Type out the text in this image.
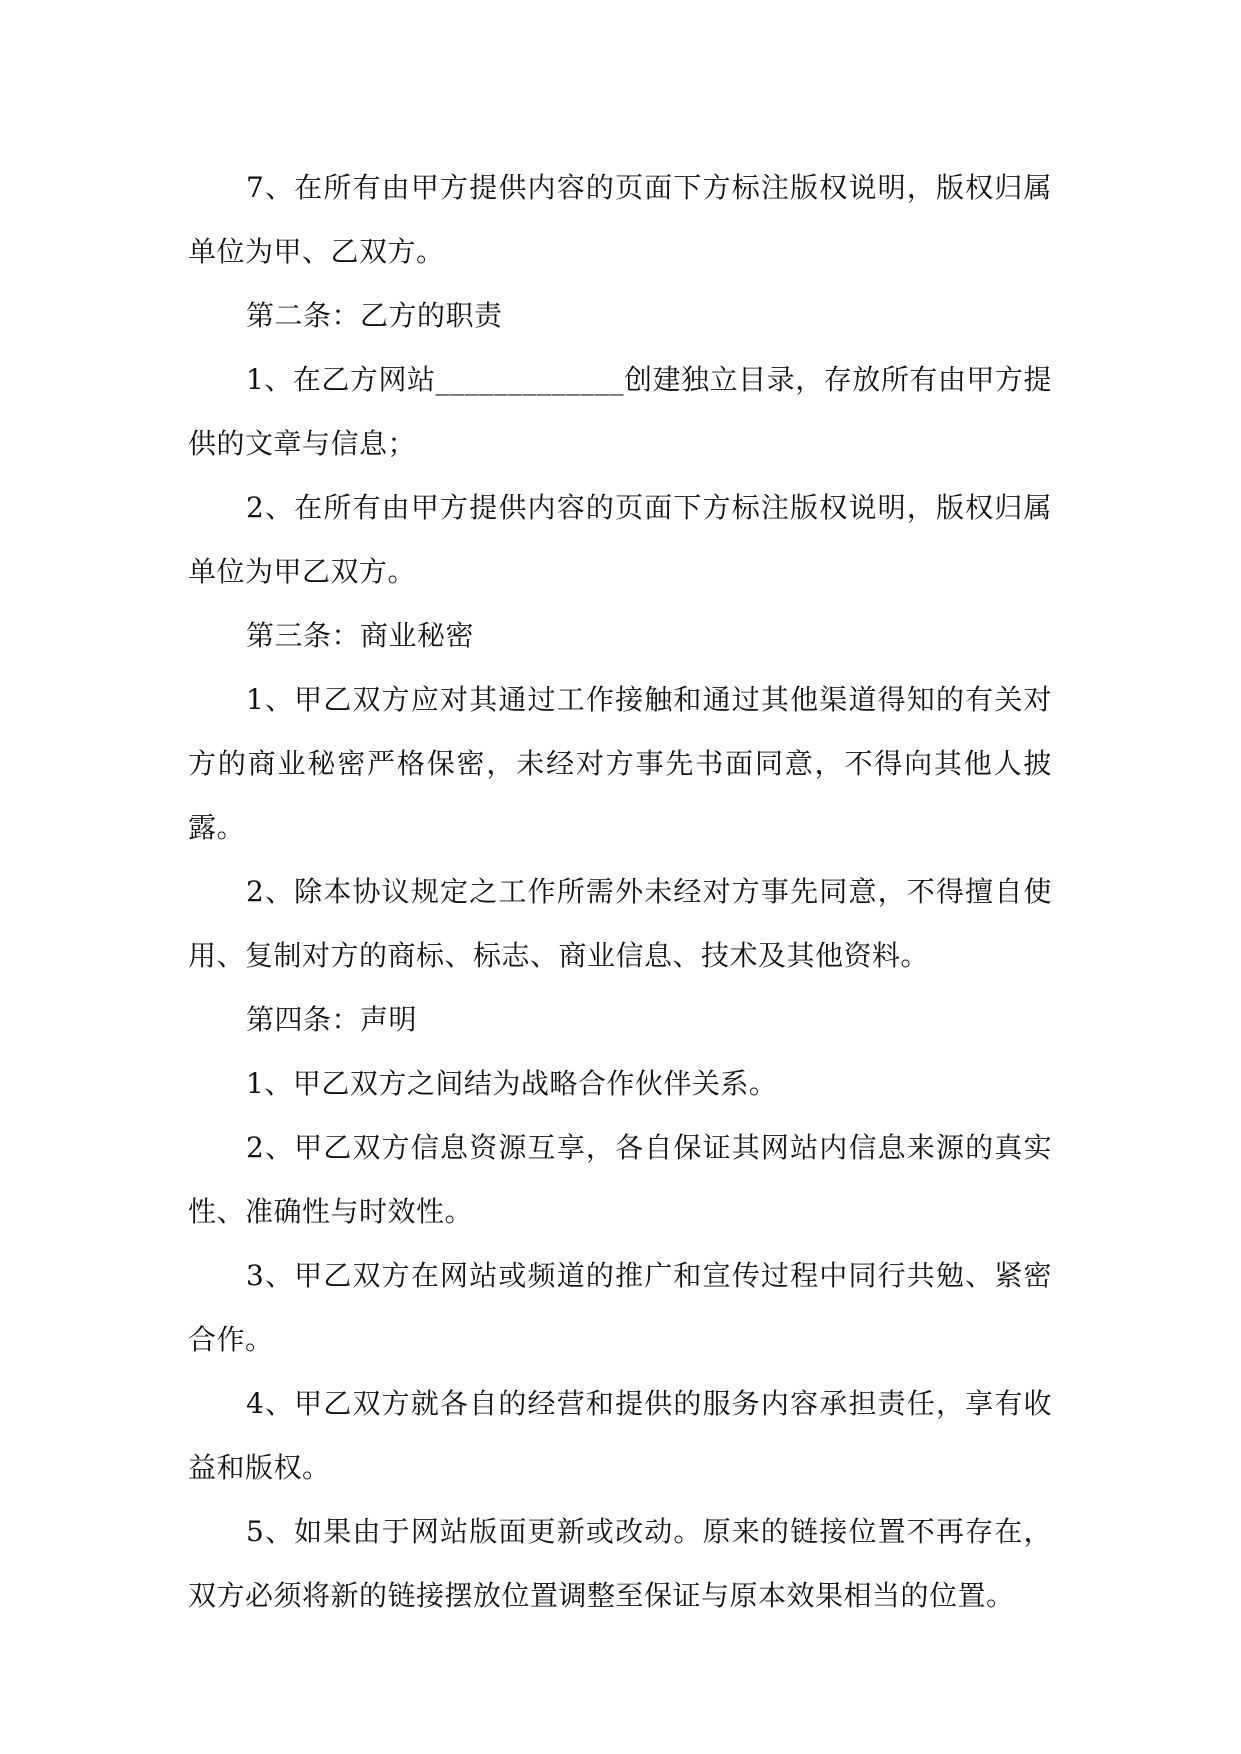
7、在所有由甲方提供内容的页面下方标注版权说明，版权归属单位为甲、乙双方。

第二条：乙方的职责

1、在乙方网站_____________创建独立目录，存放所有由甲方提供的文章与信息；

2、在所有由甲方提供内容的页面下方标注版权说明，版权归属单位为甲乙双方。

第三条：商业秘密

1、甲乙双方应对其通过工作接触和通过其他渠道得知的有关对方的商业秘密严格保密，未经对方事先书面同意，不得向其他人披露。

2、除本协议规定之工作所需外未经对方事先同意，不得擅自使用、复制对方的商标、标志、商业信息、技术及其他资料。

第四条：声明

1、甲乙双方之间结为战略合作伙伴关系。

2、甲乙双方信息资源互享，各自保证其网站内信息来源的真实性、准确性与时效性。

3、甲乙双方在网站或频道的推广和宣传过程中同行共勉、紧密合作。

4、甲乙双方就各自的经营和提供的服务内容承担责任，享有收益和版权。

5、如果由于网站版面更新或改动。原来的链接位置不再存在，双方必须将新的链接摆放位置调整至保证与原本效果相当的位置。
